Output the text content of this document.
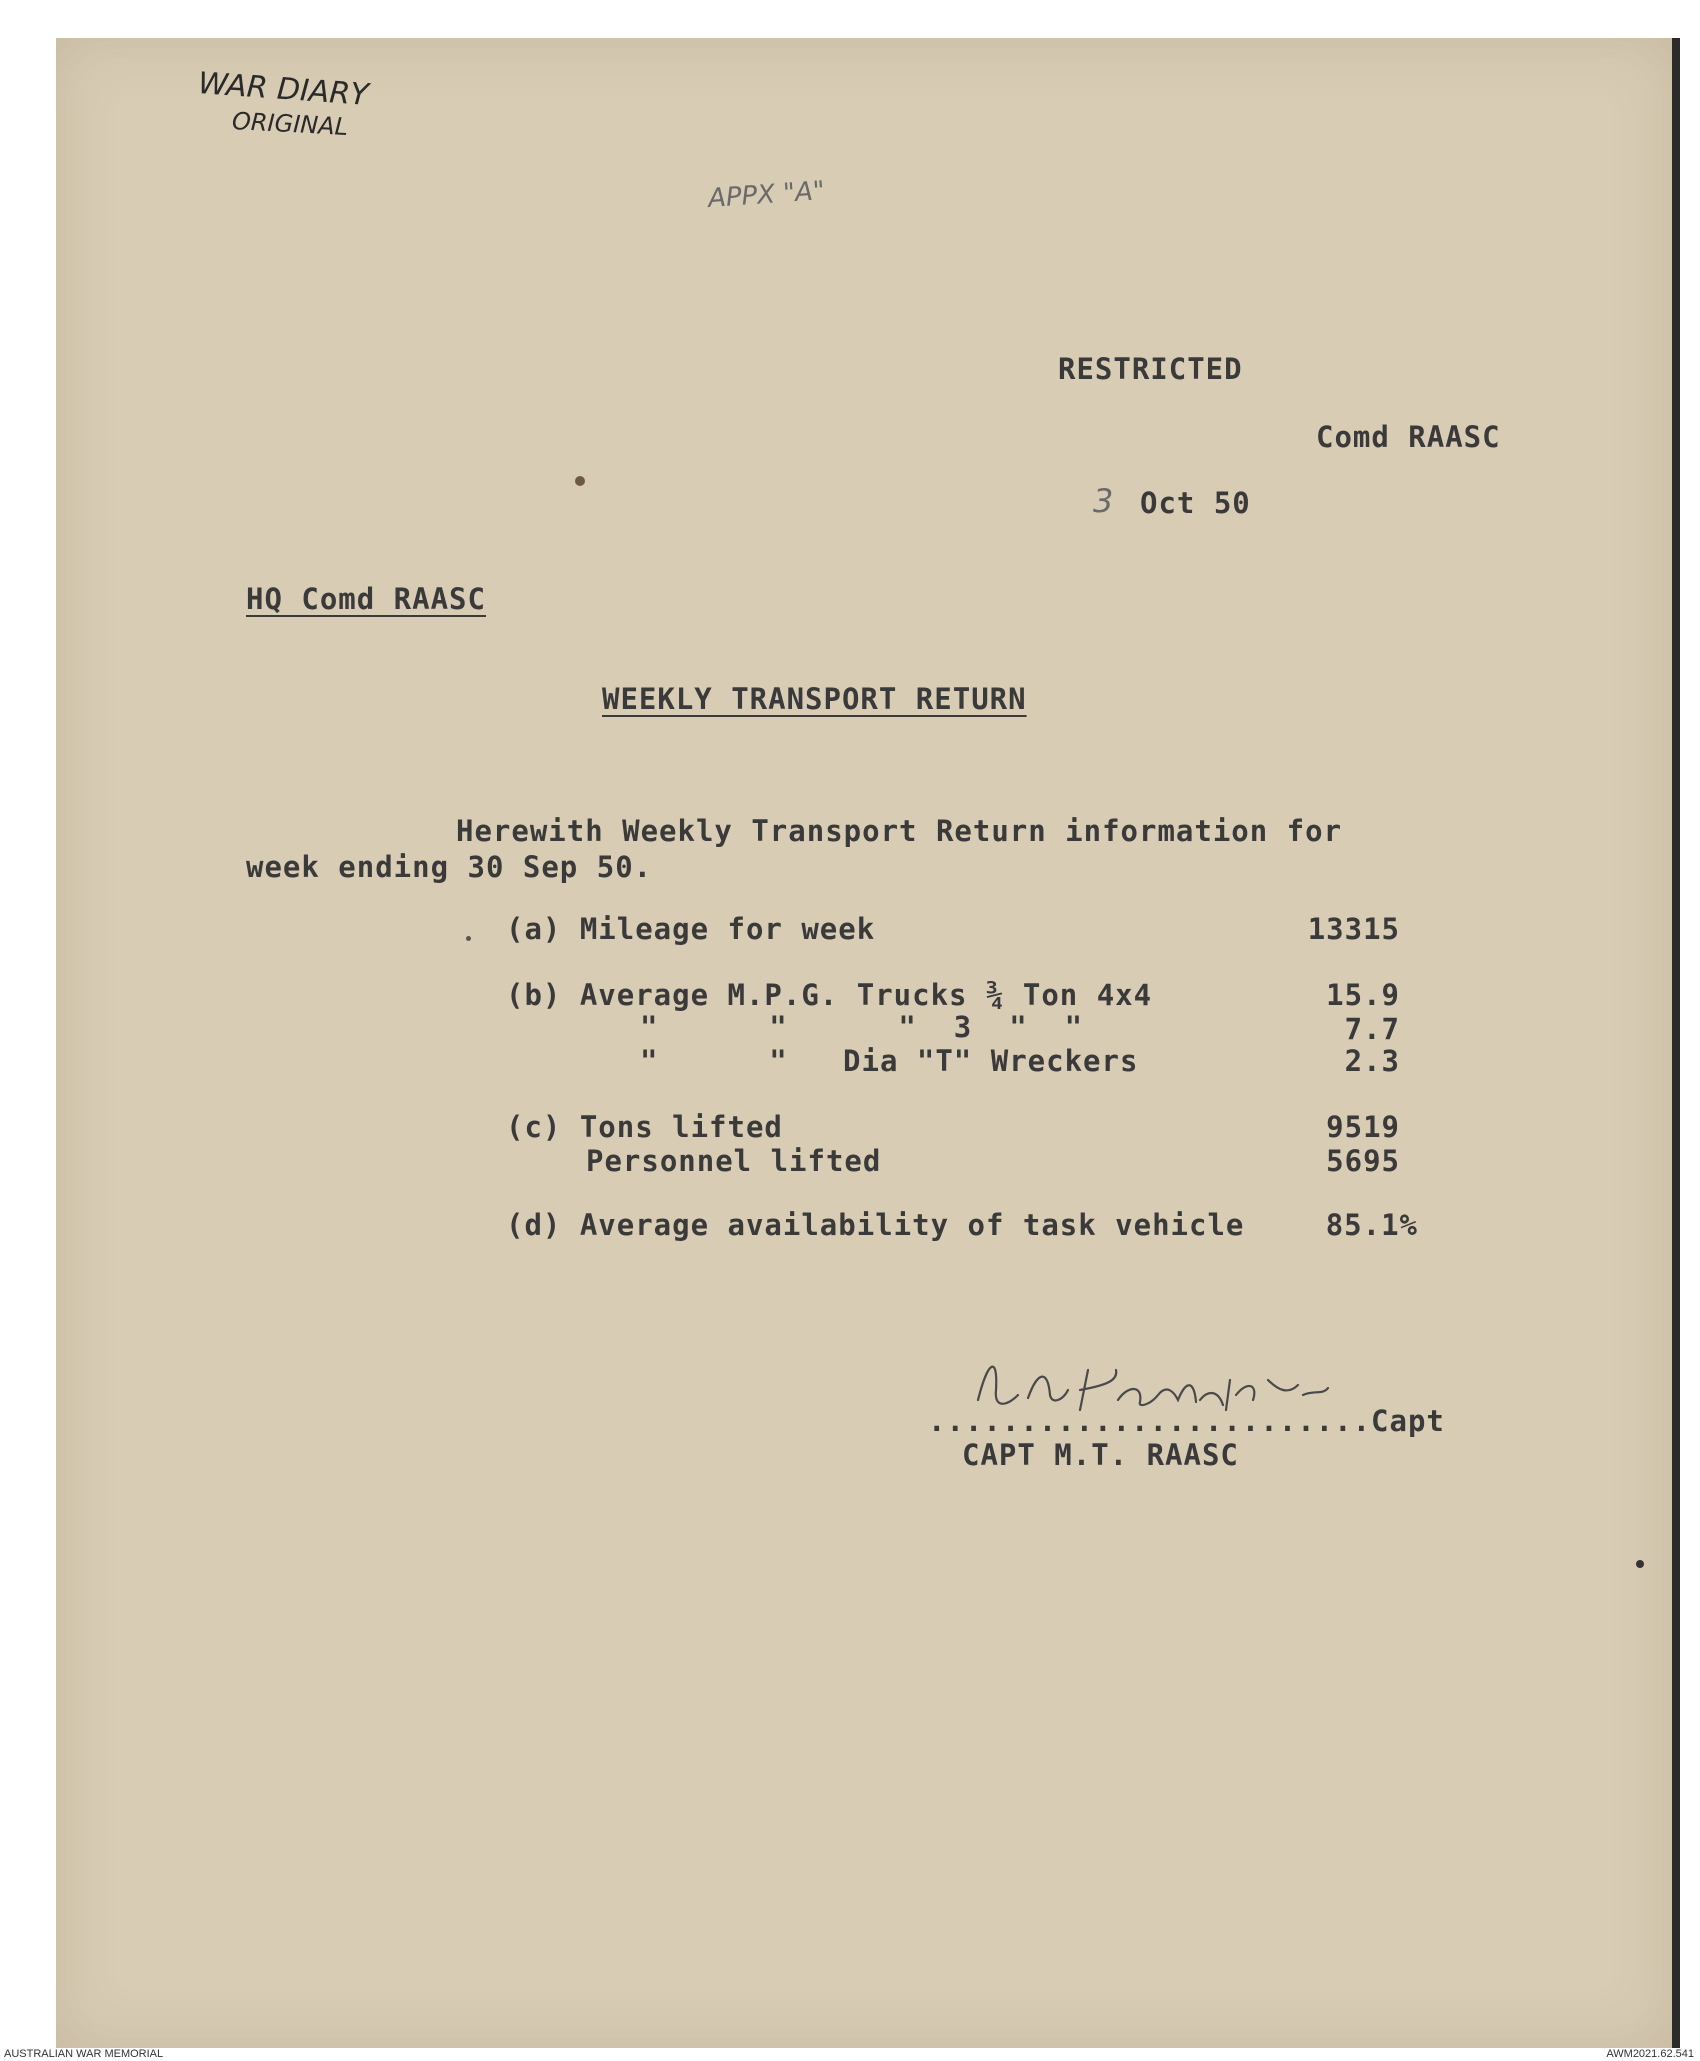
WAR DIARY
ORIGINAL
APPX "A"
RESTRICTED
Comd RAASC
3 Oct 50
HQ Comd RAASC
WEEKLY TRANSPORT RETURN
Herewith Weekly Transport Return information for
week ending 30 Sep 50.
(a) Mileage for week	13315
(b) Average M.P.G. Trucks ¾ Ton 4x4	15.9
"      "      "  3  "  "	7.7
"      "   Dia "T" Wreckers	2.3
(c) Tons lifted	9519
Personnel lifted	5695
(d) Average availability of task vehicle	85.1%
........................Capt
CAPT M.T. RAASC
AUSTRALIAN WAR MEMORIAL	AWM2021.62.541
